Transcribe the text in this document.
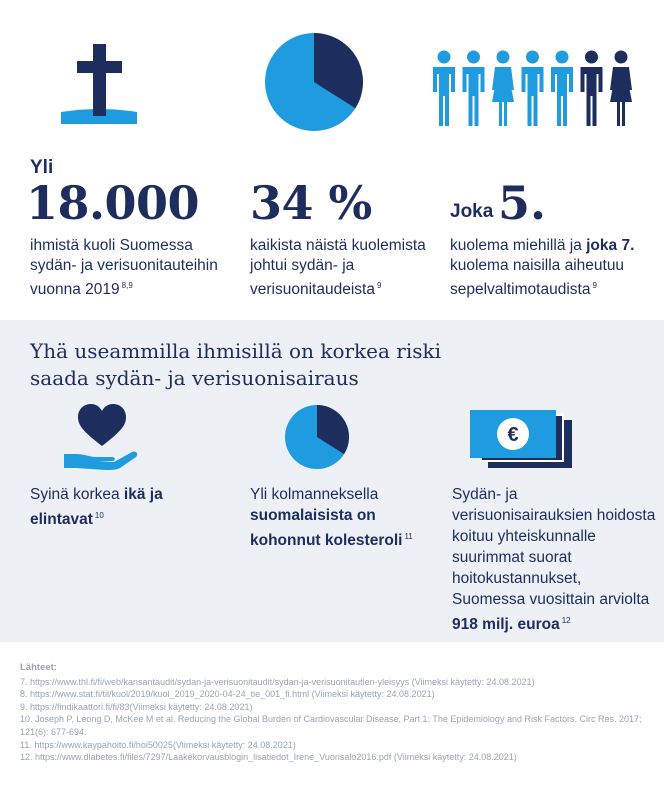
Yli
18.000
ihmistä kuoli Suomessa sydän- ja verisuonitauteihin vuonna 2019 $^{8,9}$
34 %
kaikista näistä kuolemista johtui sydän- ja verisuonitaudeista $^9$
Joka 5.
kuolema miehillä ja joka 7. kuolema naisilla aiheutuu sepelvaltimotaudista $^9$
Yhä useammilla ihmisillä on korkea riski saada sydän- ja verisuonisairaus
€
Syinä korkea ikä ja elintavat $^{10}$
Yli kolmanneksella suomalaisista on kohonnut kolesteroli $^{11}$
Sydän- ja verisuonisairauksien hoidosta koituu yhteiskunnalle suurimmat suorat hoitokustannukset, Suomessa vuosittain arviolta 918 milj. euroa $^{12}$
Lähteet:
7. https://www.thl.fi/fi/web/kansantaudit/sydan-ja-verisuonitaudit/sydan-ja-verisuonitautien-yleisyys (Viimeksi käytetty: 24.08.2021)
8. https://www.stat.fi/til/kuol/2019/kuol_2019_2020-04-24_tie_001_fi.html (Viimeksi käytetty: 24.08.2021)
9. https://findikaattori.fi/fi/83(Viimeksi käytetty: 24.08.2021)
10. Joseph P, Leong D, McKee M et al. Reducing the Global Burden of Cardiovascular Disease, Part 1: The Epidemiology and Risk Factors. Circ Res. 2017; 121(6): 677-694.
11. https://www.kaypahoito.fi/hoi50025(Viimeksi käytetty: 24.08.2021)
12. https://www.diabetes.fi/files/7297/Laakekorvausblogin_lisatiedot_Irene_Vuorisalo2016.pdf (Viimeksi käytetty: 24.08.2021)
